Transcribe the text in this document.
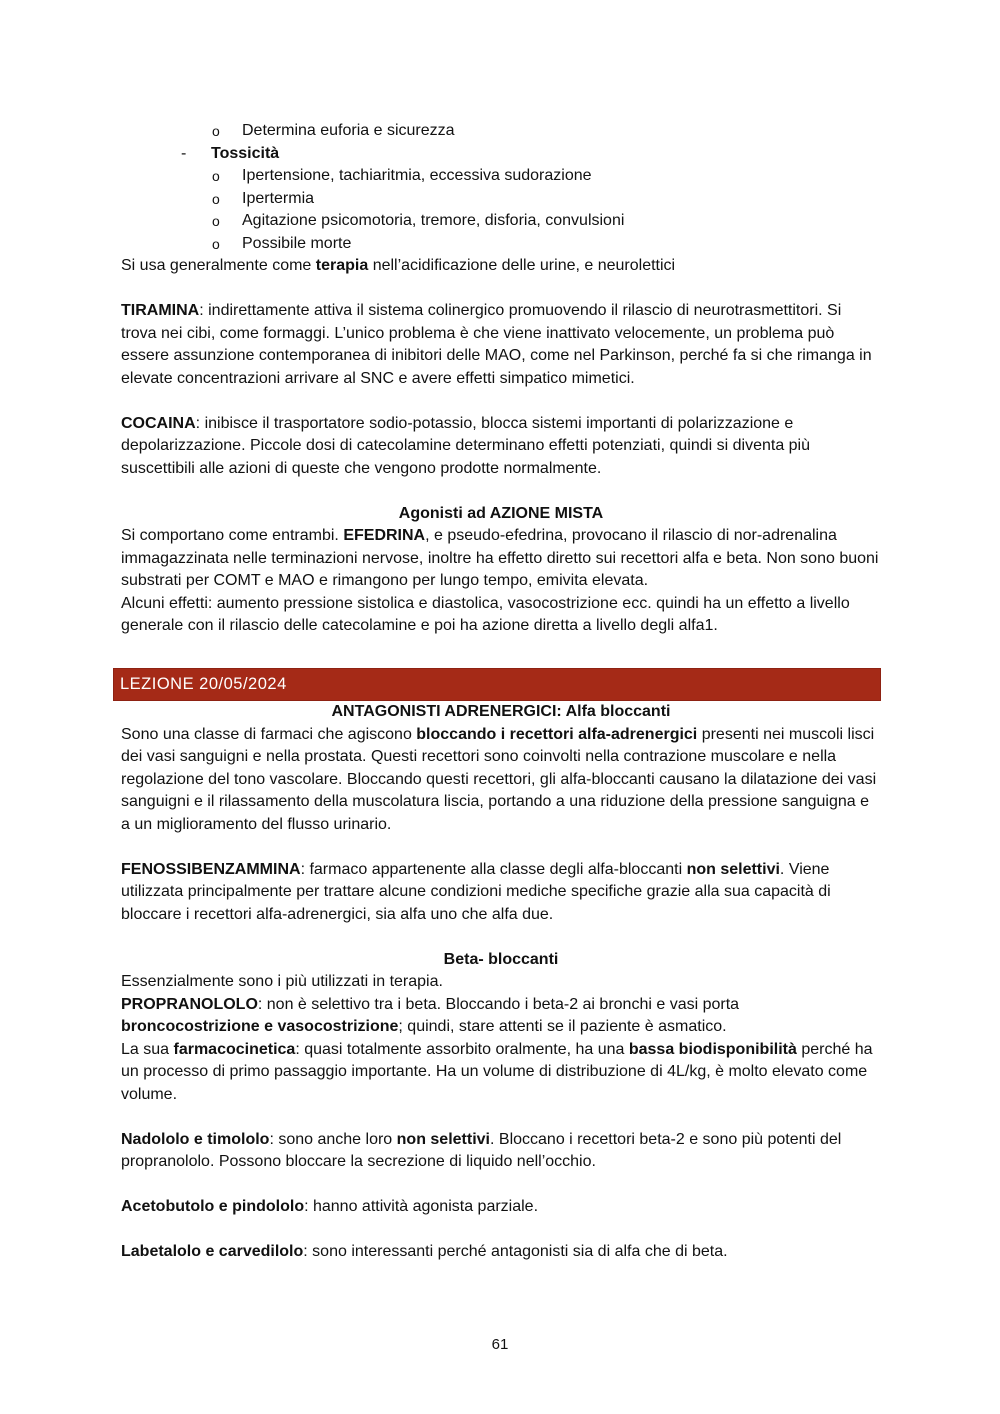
o Determina euforia e sicurezza
- Tossicità
o Ipertensione, tachiaritmia, eccessiva sudorazione
o Ipertermia
o Agitazione psicomotoria, tremore, disforia, convulsioni
o Possibile morte

Si usa generalmente come terapia nell’acidificazione delle urine, e neurolettici

TIRAMINA: indirettamente attiva il sistema colinergico promuovendo il rilascio di neurotrasmettitori. Si trova nei cibi, come formaggi. L’unico problema è che viene inattivato velocemente, un problema può essere assunzione contemporanea di inibitori delle MAO, come nel Parkinson, perché fa si che rimanga in elevate concentrazioni arrivare al SNC e avere effetti simpatico mimetici.

COCAINA: inibisce il trasportatore sodio-potassio, blocca sistemi importanti di polarizzazione e depolarizzazione. Piccole dosi di catecolamine determinano effetti potenziati, quindi si diventa più suscettibili alle azioni di queste che vengono prodotte normalmente.

Agonisti ad AZIONE MISTA

Si comportano come entrambi. EFEDRINA, e pseudo-efedrina, provocano il rilascio di nor-adrenalina immagazzinata nelle terminazioni nervose, inoltre ha effetto diretto sui recettori alfa e beta. Non sono buoni substrati per COMT e MAO e rimangono per lungo tempo, emivita elevata.

Alcuni effetti: aumento pressione sistolica e diastolica, vasocostrizione ecc. quindi ha un effetto a livello generale con il rilascio delle catecolamine e poi ha azione diretta a livello degli alfa1.

LEZIONE 20/05/2024

ANTAGONISTI ADRENERGICI: Alfa bloccanti

Sono una classe di farmaci che agiscono bloccando i recettori alfa-adrenergici presenti nei muscoli lisci dei vasi sanguigni e nella prostata. Questi recettori sono coinvolti nella contrazione muscolare e nella regolazione del tono vascolare. Bloccando questi recettori, gli alfa-bloccanti causano la dilatazione dei vasi sanguigni e il rilassamento della muscolatura liscia, portando a una riduzione della pressione sanguigna e a un miglioramento del flusso urinario.

FENOSSIBENZAMMINA: farmaco appartenente alla classe degli alfa-bloccanti non selettivi. Viene utilizzata principalmente per trattare alcune condizioni mediche specifiche grazie alla sua capacità di bloccare i recettori alfa-adrenergici, sia alfa uno che alfa due.

Beta- bloccanti

Essenzialmente sono i più utilizzati in terapia.

PROPRANOLOLO: non è selettivo tra i beta. Bloccando i beta-2 ai bronchi e vasi porta broncocostrizione e vasocostrizione; quindi, stare attenti se il paziente è asmatico.

La sua farmacocinetica: quasi totalmente assorbito oralmente, ha una bassa biodisponibilità perché ha un processo di primo passaggio importante. Ha un volume di distribuzione di 4L/kg, è molto elevato come volume.

Nadololo e timololo: sono anche loro non selettivi. Bloccano i recettori beta-2 e sono più potenti del propranololo. Possono bloccare la secrezione di liquido nell’occhio.

Acetobutolo e pindololo: hanno attività agonista parziale.

Labetalolo e carvedilolo: sono interessanti perché antagonisti sia di alfa che di beta.

61
